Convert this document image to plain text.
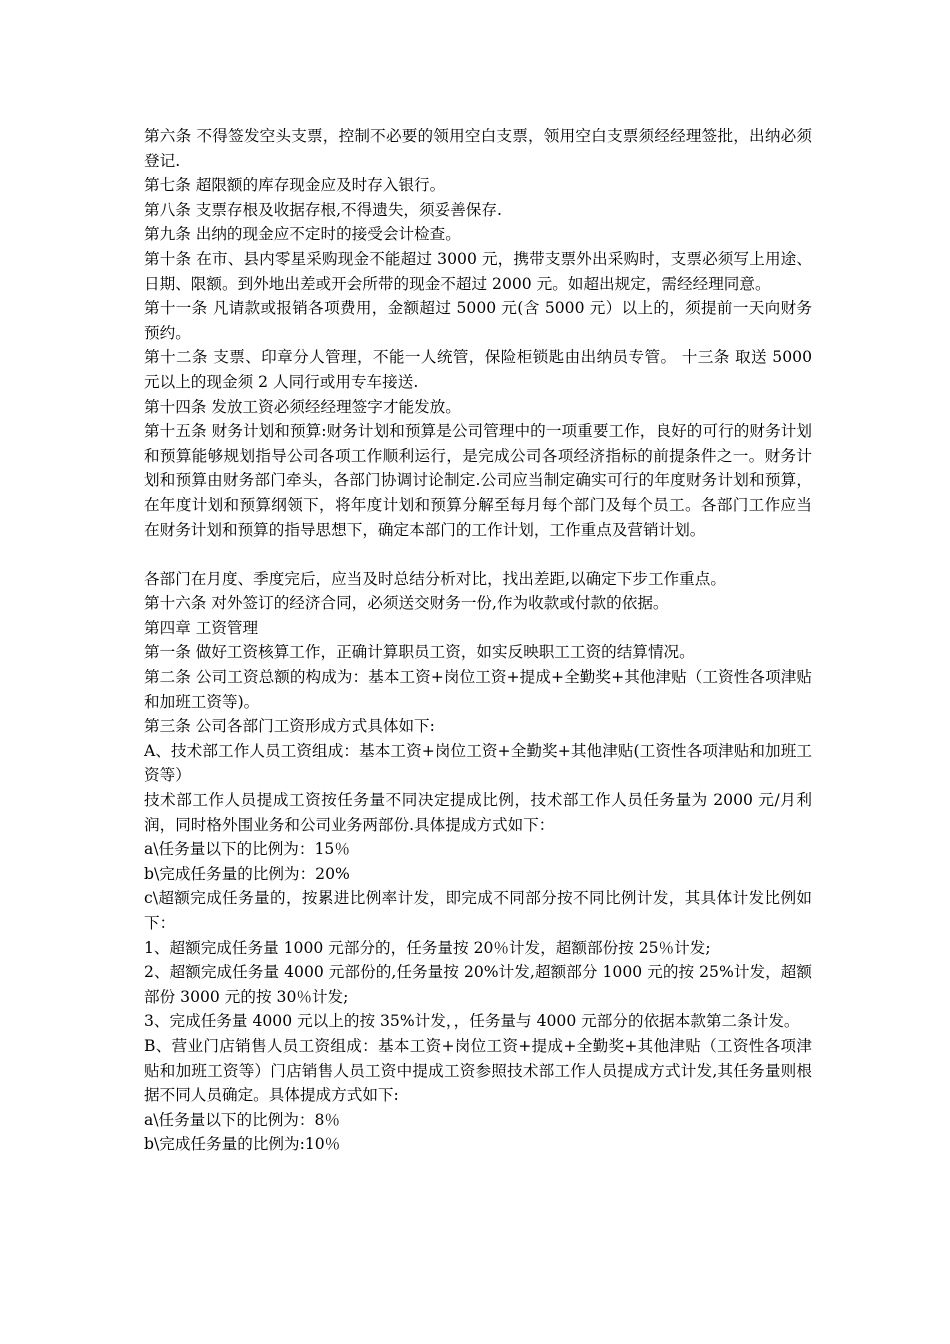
第六条 不得签发空头支票，控制不必要的领用空白支票，领用空白支票须经经理签批，出纳必须登记.

第七条 超限额的库存现金应及时存入银行。

第八条 支票存根及收据存根,不得遗失，须妥善保存.

第九条 出纳的现金应不定时的接受会计检查。

第十条 在市、县内零星采购现金不能超过 3000 元，携带支票外出采购时，支票必须写上用途、日期、限额。到外地出差或开会所带的现金不超过 2000 元。如超出规定，需经经理同意。

第十一条 凡请款或报销各项费用，金额超过 5000 元(含 5000 元）以上的，须提前一天向财务预约。

第十二条 支票、印章分人管理，不能一人统管，保险柜锁匙由出纳员专管。 十三条 取送 5000 元以上的现金须 2 人同行或用专车接送.

第十四条 发放工资必须经经理签字才能发放。

第十五条 财务计划和预算:财务计划和预算是公司管理中的一项重要工作，良好的可行的财务计划和预算能够规划指导公司各项工作顺利运行，是完成公司各项经济指标的前提条件之一。财务计划和预算由财务部门牵头，各部门协调讨论制定.公司应当制定确实可行的年度财务计划和预算，在年度计划和预算纲领下，将年度计划和预算分解至每月每个部门及每个员工。各部门工作应当在财务计划和预算的指导思想下，确定本部门的工作计划，工作重点及营销计划。

各部门在月度、季度完后，应当及时总结分析对比，找出差距,以确定下步工作重点。

第十六条 对外签订的经济合同，必须送交财务一份,作为收款或付款的依据。

第四章 工资管理

第一条 做好工资核算工作，正确计算职员工资，如实反映职工工资的结算情况。

第二条 公司工资总额的构成为：基本工资+岗位工资+提成+全勤奖+其他津贴（工资性各项津贴和加班工资等)。

第三条 公司各部门工资形成方式具体如下:

A、技术部工作人员工资组成：基本工资+岗位工资+全勤奖+其他津贴(工资性各项津贴和加班工资等）

技术部工作人员提成工资按任务量不同决定提成比例，技术部工作人员任务量为 2000 元/月利润，同时格外围业务和公司业务两部份.具体提成方式如下：

a\任务量以下的比例为：15％

b\完成任务量的比例为：20%

c\超额完成任务量的，按累进比例率计发，即完成不同部分按不同比例计发，其具体计发比例如下：

1、超额完成任务量 1000 元部分的，任务量按 20％计发，超额部份按 25％计发;

2、超额完成任务量 4000 元部份的,任务量按 20%计发,超额部分 1000 元的按 25%计发，超额部份 3000 元的按 30％计发;

3、完成任务量 4000 元以上的按 35%计发，，任务量与 4000 元部分的依据本款第二条计发。

B、营业门店销售人员工资组成：基本工资+岗位工资+提成+全勤奖+其他津贴（工资性各项津贴和加班工资等）门店销售人员工资中提成工资参照技术部工作人员提成方式计发,其任务量则根据不同人员确定。具体提成方式如下:

a\任务量以下的比例为：8％

b\完成任务量的比例为:10％
